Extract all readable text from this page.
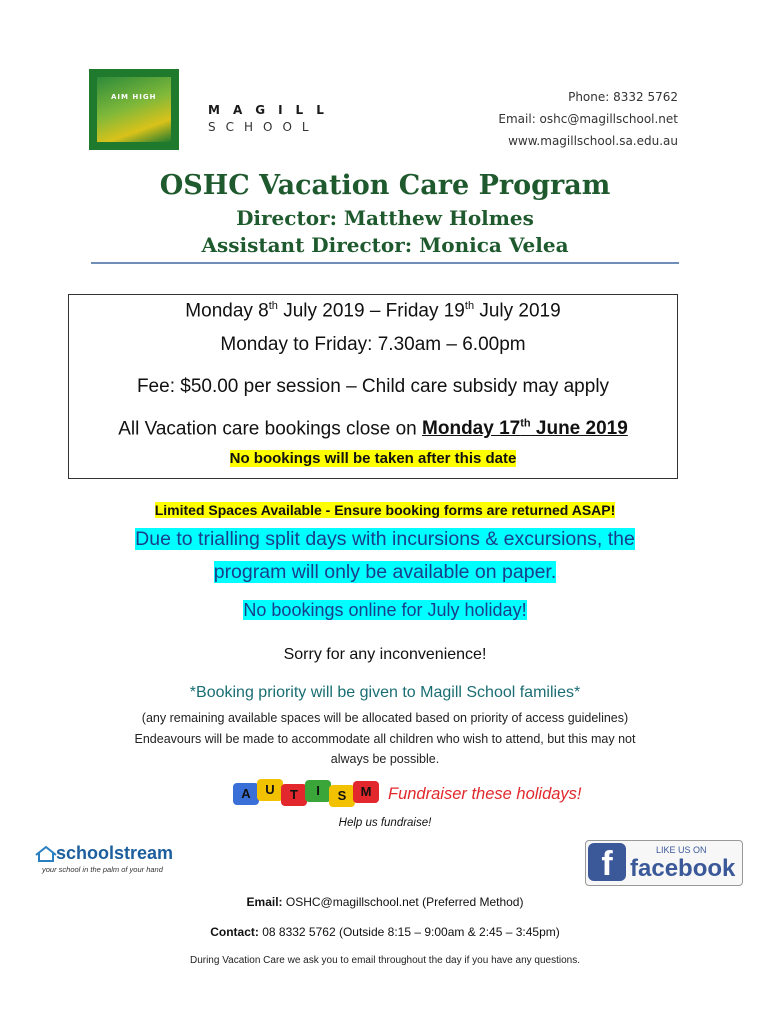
AIM HIGH
MAGILL
SCHOOL
Phone: 8332 5762
Email: oshc@magillschool.net
www.magillschool.sa.edu.au
OSHC Vacation Care Program
Director: Matthew Holmes
Assistant Director: Monica Velea
Monday 8th July 2019 – Friday 19th July 2019
Monday to Friday: 7.30am – 6.00pm
Fee: $50.00 per session – Child care subsidy may apply
All Vacation care bookings close on Monday 17th June 2019
No bookings will be taken after this date
Limited Spaces Available - Ensure booking forms are returned ASAP!
Due to trialling split days with incursions & excursions, the
program will only be available on paper.
No bookings online for July holiday!
Sorry for any inconvenience!
*Booking priority will be given to Magill School families*
(any remaining available spaces will be allocated based on priority of access guidelines)
Endeavours will be made to accommodate all children who wish to attend, but this may not
always be possible.
A	U	T	I	S	M	Fundraiser these holidays!
Help us fundraise!
schoolstream
your school in the palm of your hand	f	LIKE US ON
facebook
Email: OSHC@magillschool.net (Preferred Method)
Contact: 08 8332 5762 (Outside 8:15 – 9:00am & 2:45 – 3:45pm)
During Vacation Care we ask you to email throughout the day if you have any questions.
